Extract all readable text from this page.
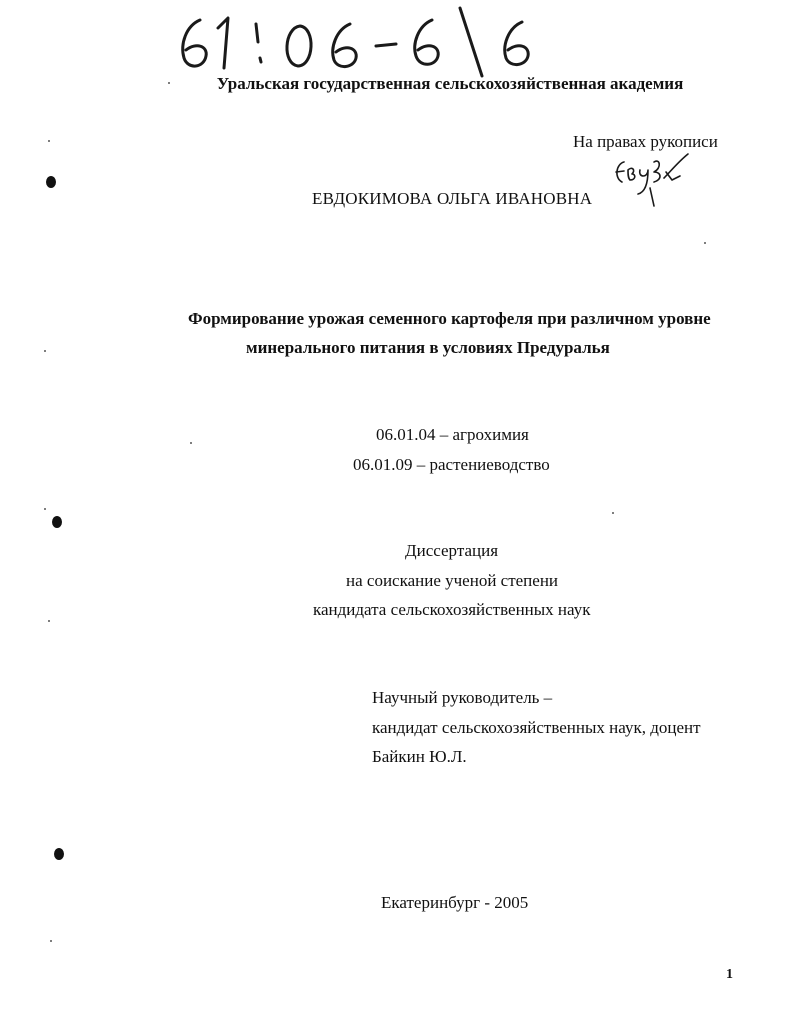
Уральская государственная сельскохозяйственная академия
На правах рукописи
ЕВДОКИМОВА ОЛЬГА ИВАНОВНА
Формирование урожая семенного картофеля при различном уровне
минерального питания в условиях Предуралья
06.01.04 – агрохимия
06.01.09 – растениеводство
Диссертация
на соискание ученой степени
кандидата сельскохозяйственных наук
Научный руководитель –
кандидат сельскохозяйственных наук, доцент
Байкин Ю.Л.
Екатеринбург - 2005
1
